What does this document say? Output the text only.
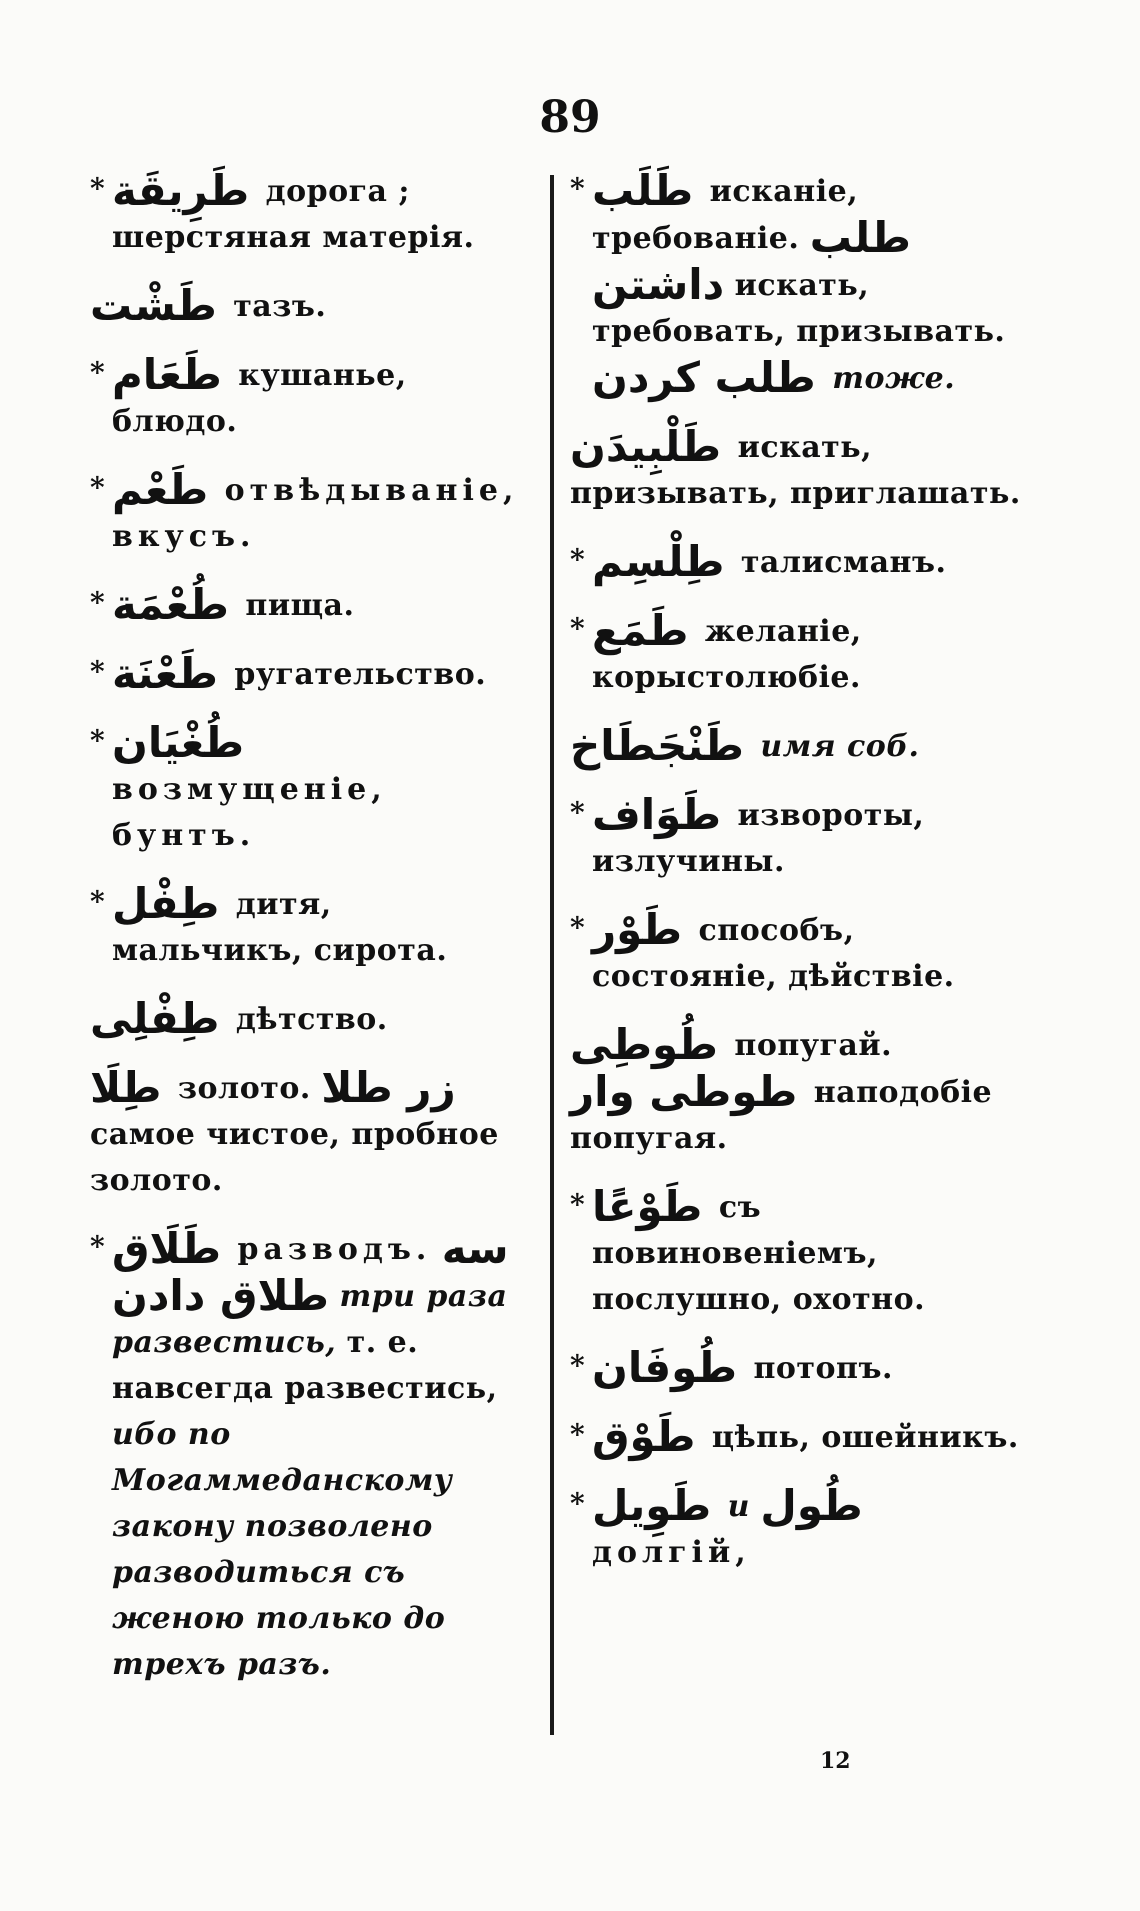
89
* طَرِيقَة дорога ; шерстяная матерія.
طَشْت тазъ.
* طَعَام кушанье, блюдо.
* طَعْم отвѣдываніе, вкусъ.
* طُعْمَة пища.
* طَعْنَة ругательство.
* طُغْيَان возмущеніе, бунтъ.
* طِفْل дитя, мальчикъ, сирота.
طِفْلِى дѣтство.
طِلَا золото. زر طلا самое чистое, пробное золото.
* طَلَاق разводъ. سه طلاق دادن три раза развестись, т. е. навсегда развестись, ибо по Могаммеданскому закону позволено разводиться съ женою только до трехъ разъ.
* طَلَب исканіе, требованіе. طلب داشتن искать, требовать, призывать. طلب كردن тоже.
طَلْبِيدَن искать, призывать, приглашать.
* طِلْسِم талисманъ.
* طَمَع желаніе, корыстолюбіе.
طَنْجَطَاخ имя соб.
* طَوَاف извороты, излучины.
* طَوْر способъ, состояніе, дѣйствіе.
طُوطِى попугай. طوطى وار наподобіе попугая.
* طَوْعًا съ повиновеніемъ, послушно, охотно.
* طُوفَان потопъ.
* طَوْق цѣпь, ошейникъ.
* طَوِيل и طُول долгій,
12
